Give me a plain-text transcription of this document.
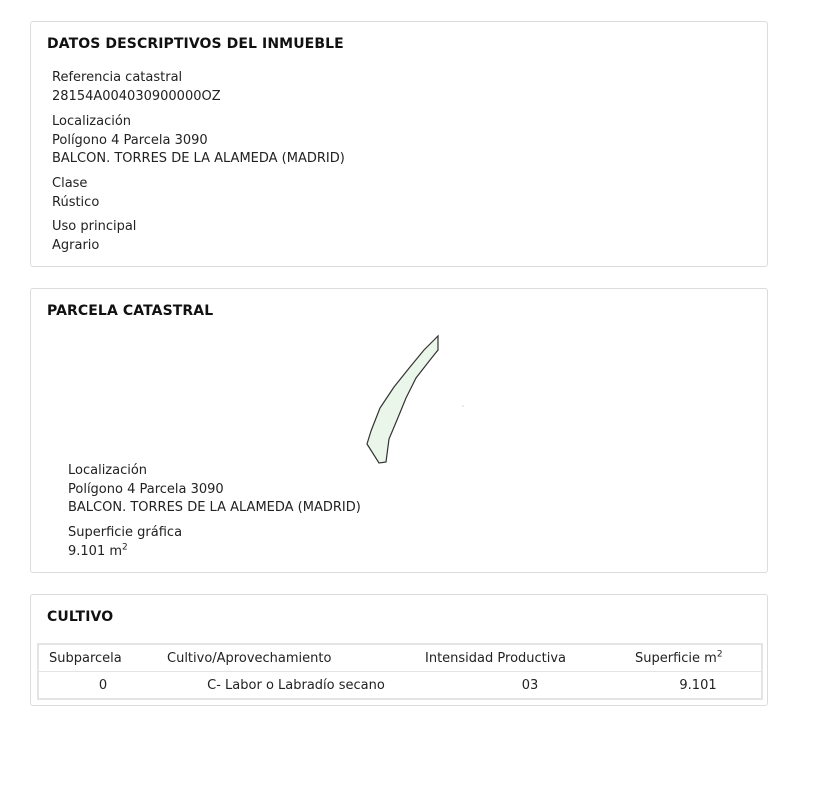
DATOS DESCRIPTIVOS DEL INMUEBLE
Referencia catastral
28154A004030900000OZ
Localización
Polígono 4 Parcela 3090
BALCON. TORRES DE LA ALAMEDA (MADRID)
Clase
Rústico
Uso principal
Agrario
PARCELA CATASTRAL
Localización
Polígono 4 Parcela 3090
BALCON. TORRES DE LA ALAMEDA (MADRID)
Superficie gráfica
9.101 $m^2$
CULTIVO
Subparcela	Cultivo/Aprovechamiento	Intensidad Productiva	Superficie $m^2$
0	C- Labor o Labradío secano	03	9.101
